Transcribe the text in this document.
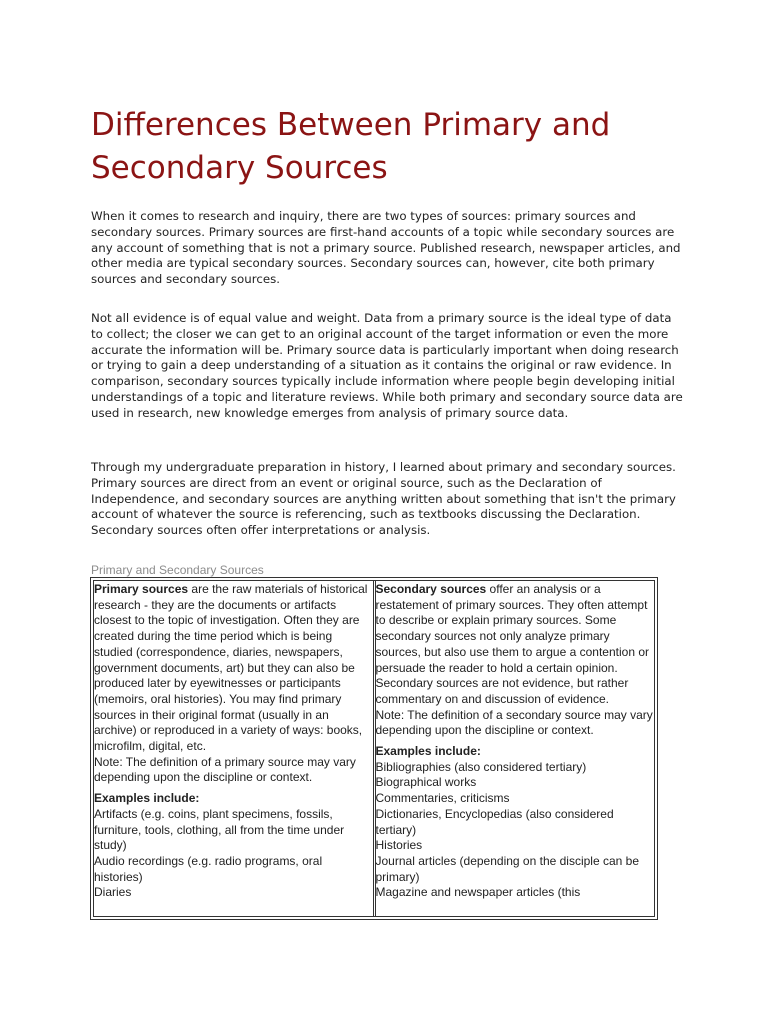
Differences Between Primary and Secondary Sources

When it comes to research and inquiry, there are two types of sources: primary sources and secondary sources. Primary sources are first-hand accounts of a topic while secondary sources are any account of something that is not a primary source. Published research, newspaper articles, and other media are typical secondary sources. Secondary sources can, however, cite both primary sources and secondary sources.

Not all evidence is of equal value and weight. Data from a primary source is the ideal type of data to collect; the closer we can get to an original account of the target information or even the more accurate the information will be. Primary source data is particularly important when doing research or trying to gain a deep understanding of a situation as it contains the original or raw evidence. In comparison, secondary sources typically include information where people begin developing initial understandings of a topic and literature reviews. While both primary and secondary source data are used in research, new knowledge emerges from analysis of primary source data.

Through my undergraduate preparation in history, I learned about primary and secondary sources. Primary sources are direct from an event or original source, such as the Declaration of Independence, and secondary sources are anything written about something that isn't the primary account of whatever the source is referencing, such as textbooks discussing the Declaration. Secondary sources often offer interpretations or analysis.

Primary and Secondary Sources

Primary sources are the raw materials of historical research - they are the documents or artifacts closest to the topic of investigation. Often they are created during the time period which is being studied (correspondence, diaries, newspapers, government documents, art) but they can also be produced later by eyewitnesses or participants (memoirs, oral histories). You may find primary sources in their original format (usually in an archive) or reproduced in a variety of ways: books, microfilm, digital, etc.

Note: The definition of a primary source may vary depending upon the discipline or context.

Examples include:

Artifacts (e.g. coins, plant specimens, fossils, furniture, tools, clothing, all from the time under study)

Audio recordings (e.g. radio programs, oral histories)

Diaries

Secondary sources offer an analysis or a restatement of primary sources. They often attempt to describe or explain primary sources. Some secondary sources not only analyze primary sources, but also use them to argue a contention or persuade the reader to hold a certain opinion. Secondary sources are not evidence, but rather commentary on and discussion of evidence.

Note: The definition of a secondary source may vary depending upon the discipline or context.

Examples include:

Bibliographies (also considered tertiary)

Biographical works

Commentaries, criticisms

Dictionaries, Encyclopedias (also considered tertiary)

Histories

Journal articles (depending on the disciple can be primary)

Magazine and newspaper articles (this
